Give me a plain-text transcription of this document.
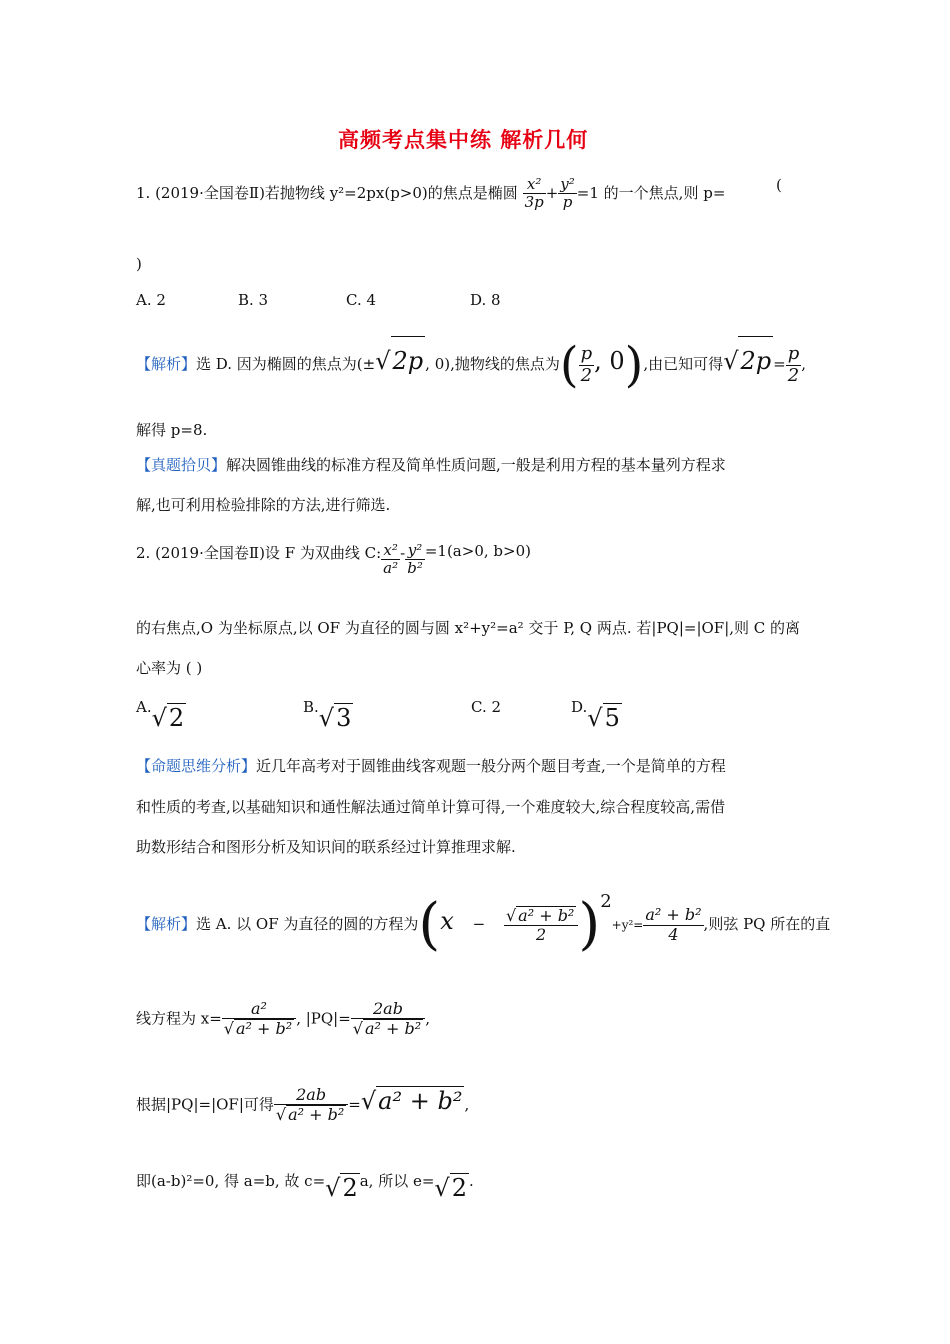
高频考点集中练 解析几何
1. (2019·全国卷Ⅱ)若抛物线 y²=2px(p>0)的焦点是椭圆 $\frac{\text{x²}}{3p} + \frac{\text{y²}}{p} =1$ 的一个焦点,则 p=	(
)
A. 2	B. 3	C. 4	D. 8
【解析】选 D. 因为椭圆的焦点为(±√2p , 0),抛物线的焦点为( $\frac{p}{2}$ , 0),由已知可得$√2p = \frac{p}{2}$ ,
解得 p=8.
【真题拾贝】解决圆锥曲线的标准方程及简单性质问题,一般是利用方程的基本量列方程求
解,也可利用检验排除的方法,进行筛选.
2. (2019·全国卷Ⅱ)设 F 为双曲线 C: $\frac{\text{x²}}{\text{a²}} - \frac{\text{y²}}{\text{b²}} =1(a>0$, b>0)
的右焦点,O 为坐标原点,以 OF 为直径的圆与圆 x²+y²=a² 交于 P, Q 两点. 若|PQ|=|OF|,则 C 的离
心率为 ( )
A.√2	B.√3	C. 2	D.√5
【命题思维分析】近几年高考对于圆锥曲线客观题一般分两个题目考查,一个是简单的方程
和性质的考查,以基础知识和通性解法通过简单计算可得,一个难度较大,综合程度较高,需借
助数形结合和图形分析及知识间的联系经过计算推理求解.
【解析】选 A. 以 OF 为直径的圆的方程为$(x - \frac{\text{√ a² + b²}}{2} )^2+y^2= \frac{\text{a² + b²}}{4}$ ,则弦 PQ 所在的直
线方程为 $x= \frac{\text{a²}}{\text{√ a² + b²}}$ , $|PQ|= \frac{2ab}{\text{√ a² + b²}}$ ,
根据|PQ|=|OF|可得 $\frac{2ab}{\text{√ a² + b²}} =√a^2 + b^2$ ,
即(a-b)²=0, 得 a=b, 故 c=√2 a, 所以 e=√2 .
